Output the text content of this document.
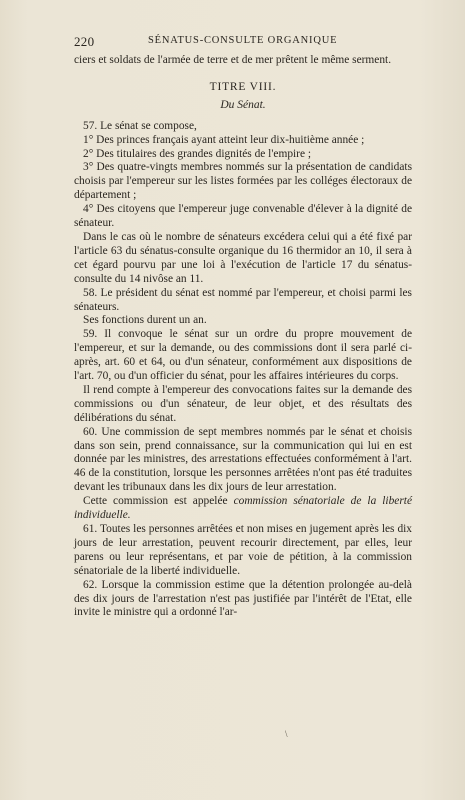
220	SÉNATUS-CONSULTE ORGANIQUE

ciers et soldats de l'armée de terre et de mer prêtent le même serment.

TITRE VIII.

Du Sénat.

57. Le sénat se compose,

1° Des princes français ayant atteint leur dix-huitième année ;

2° Des titulaires des grandes dignités de l'empire ;

3° Des quatre-vingts membres nommés sur la présentation de candidats choisis par l'empereur sur les listes formées par les colléges électoraux de département ;

4° Des citoyens que l'empereur juge convenable d'élever à la dignité de sénateur.

Dans le cas où le nombre de sénateurs excédera celui qui a été fixé par l'article 63 du sénatus-consulte organique du 16 thermidor an 10, il sera à cet égard pourvu par une loi à l'exécution de l'article 17 du sénatus-consulte du 14 nivôse an 11.

58. Le président du sénat est nommé par l'empereur, et choisi parmi les sénateurs.

Ses fonctions durent un an.

59. Il convoque le sénat sur un ordre du propre mouvement de l'empereur, et sur la demande, ou des commissions dont il sera parlé ci-après, art. 60 et 64, ou d'un sénateur, conformément aux dispositions de l'art. 70, ou d'un officier du sénat, pour les affaires intérieures du corps.

Il rend compte à l'empereur des convocations faites sur la demande des commissions ou d'un sénateur, de leur objet, et des résultats des délibérations du sénat.

60. Une commission de sept membres nommés par le sénat et choisis dans son sein, prend connaissance, sur la communication qui lui en est donnée par les ministres, des arrestations effectuées conformément à l'art. 46 de la constitution, lorsque les personnes arrêtées n'ont pas été traduites devant les tribunaux dans les dix jours de leur arrestation.

Cette commission est appelée commission sénatoriale de la liberté individuelle.

61. Toutes les personnes arrêtées et non mises en jugement après les dix jours de leur arrestation, peuvent recourir directement, par elles, leur parens ou leur représentans, et par voie de pétition, à la commission sénatoriale de la liberté individuelle.

62. Lorsque la commission estime que la détention prolongée au-delà des dix jours de l'arrestation n'est pas justifiée par l'intérêt de l'Etat, elle invite le ministre qui a ordonné l'ar-

\
